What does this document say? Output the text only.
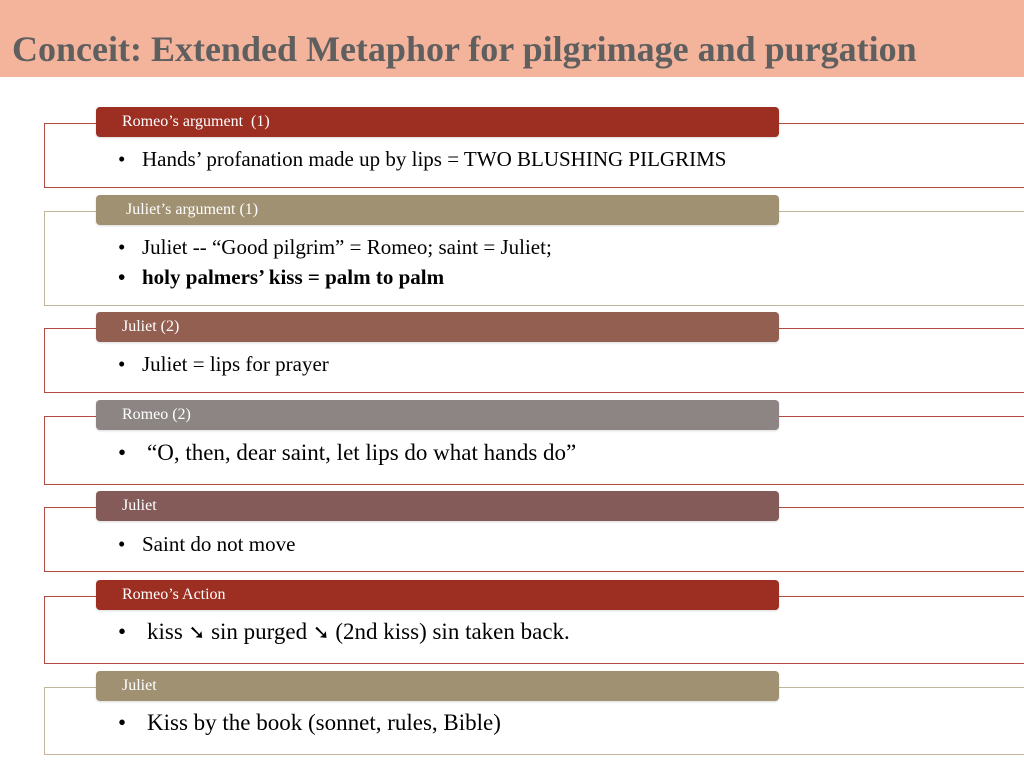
Conceit: Extended Metaphor for pilgrimage and purgation
Romeo’s argument  (1)
• Hands’ profanation made up by lips = TWO BLUSHING PILGRIMS
Juliet’s argument (1)
• Juliet -- “Good pilgrim” = Romeo; saint = Juliet;
• holy palmers’ kiss = palm to palm
Juliet (2)
• Juliet = lips for prayer
Romeo (2)
• “O, then, dear saint, let lips do what hands do”
Juliet
• Saint do not move
Romeo’s Action
• kiss ➘ sin purged ➘ (2nd kiss) sin taken back.
Juliet
• Kiss by the book (sonnet, rules, Bible)
